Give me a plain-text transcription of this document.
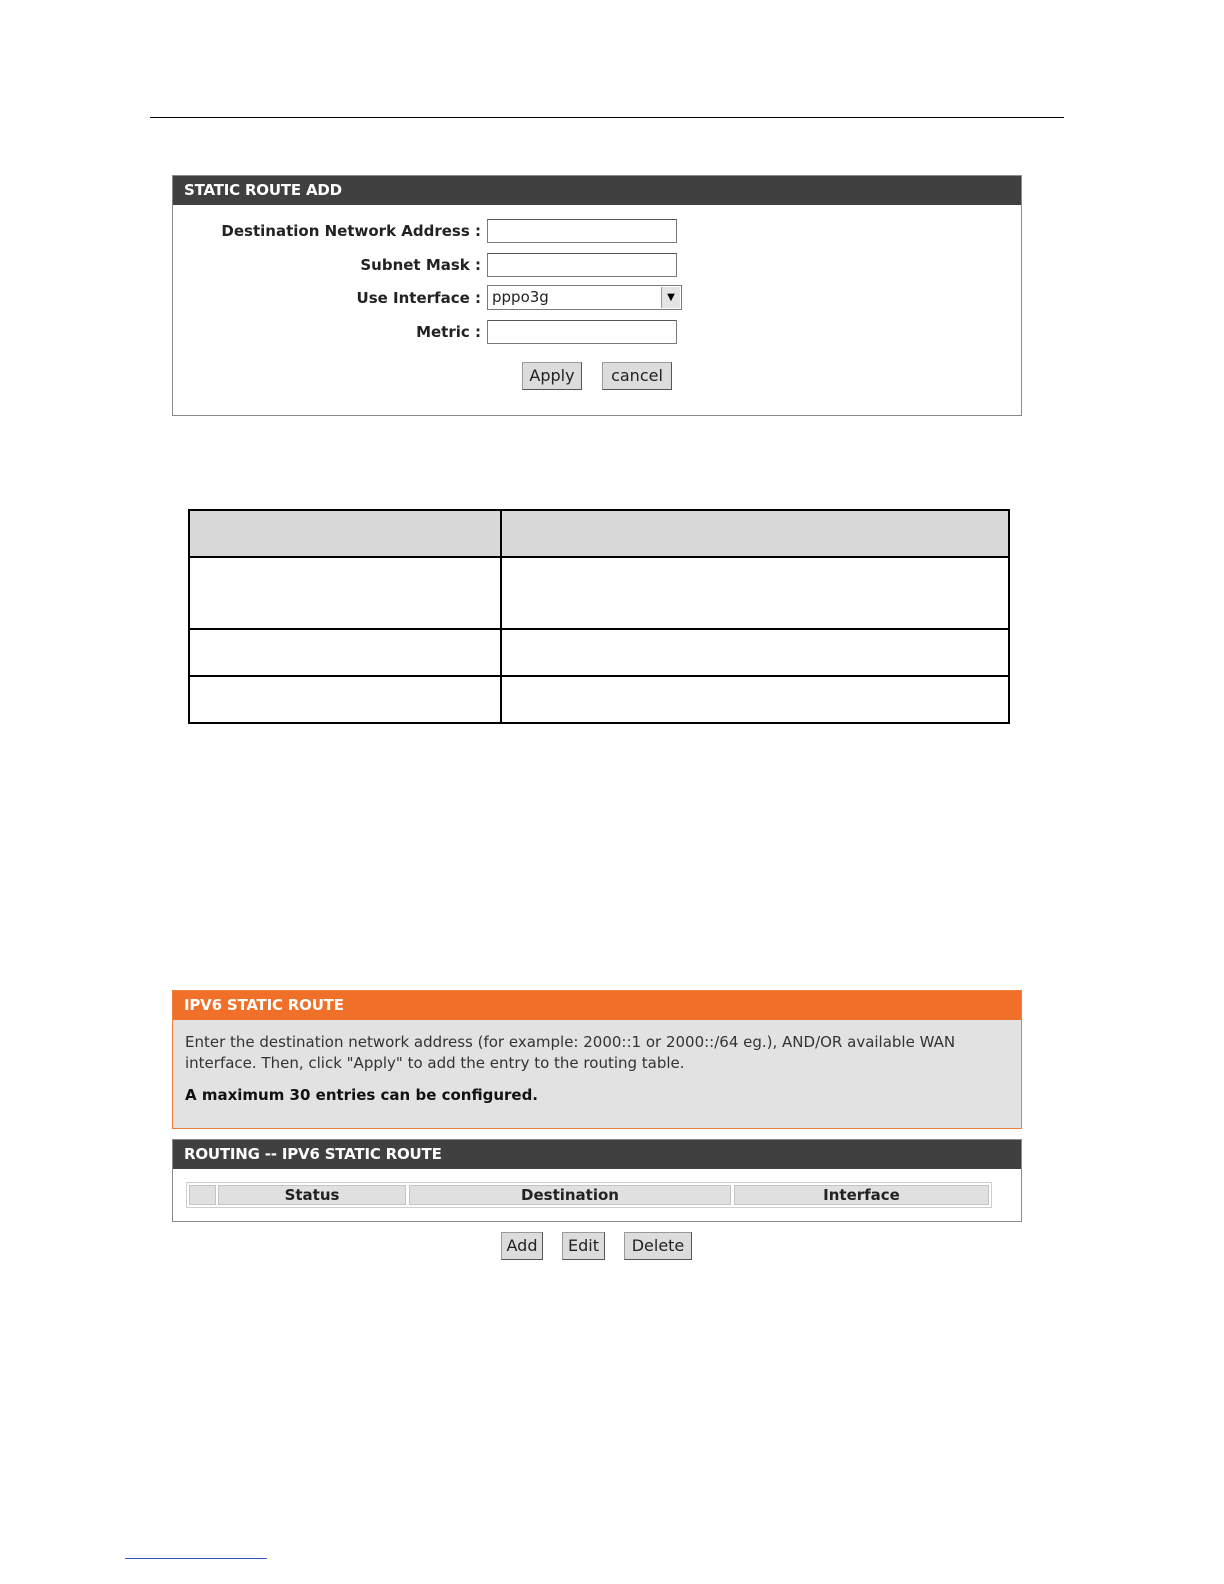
STATIC ROUTE ADD
Destination Network Address :
Subnet Mask :
Use Interface : pppo3g	▼
Metric :
Apply	cancel

IPV6 STATIC ROUTE
Enter the destination network address (for example: 2000::1 or 2000::/64 eg.), AND/OR available WAN interface. Then, click "Apply" to add the entry to the routing table.
A maximum 30 entries can be configured.
ROUTING -- IPV6 STATIC ROUTE
Status	Destination	Interface
Add	Edit	Delete
